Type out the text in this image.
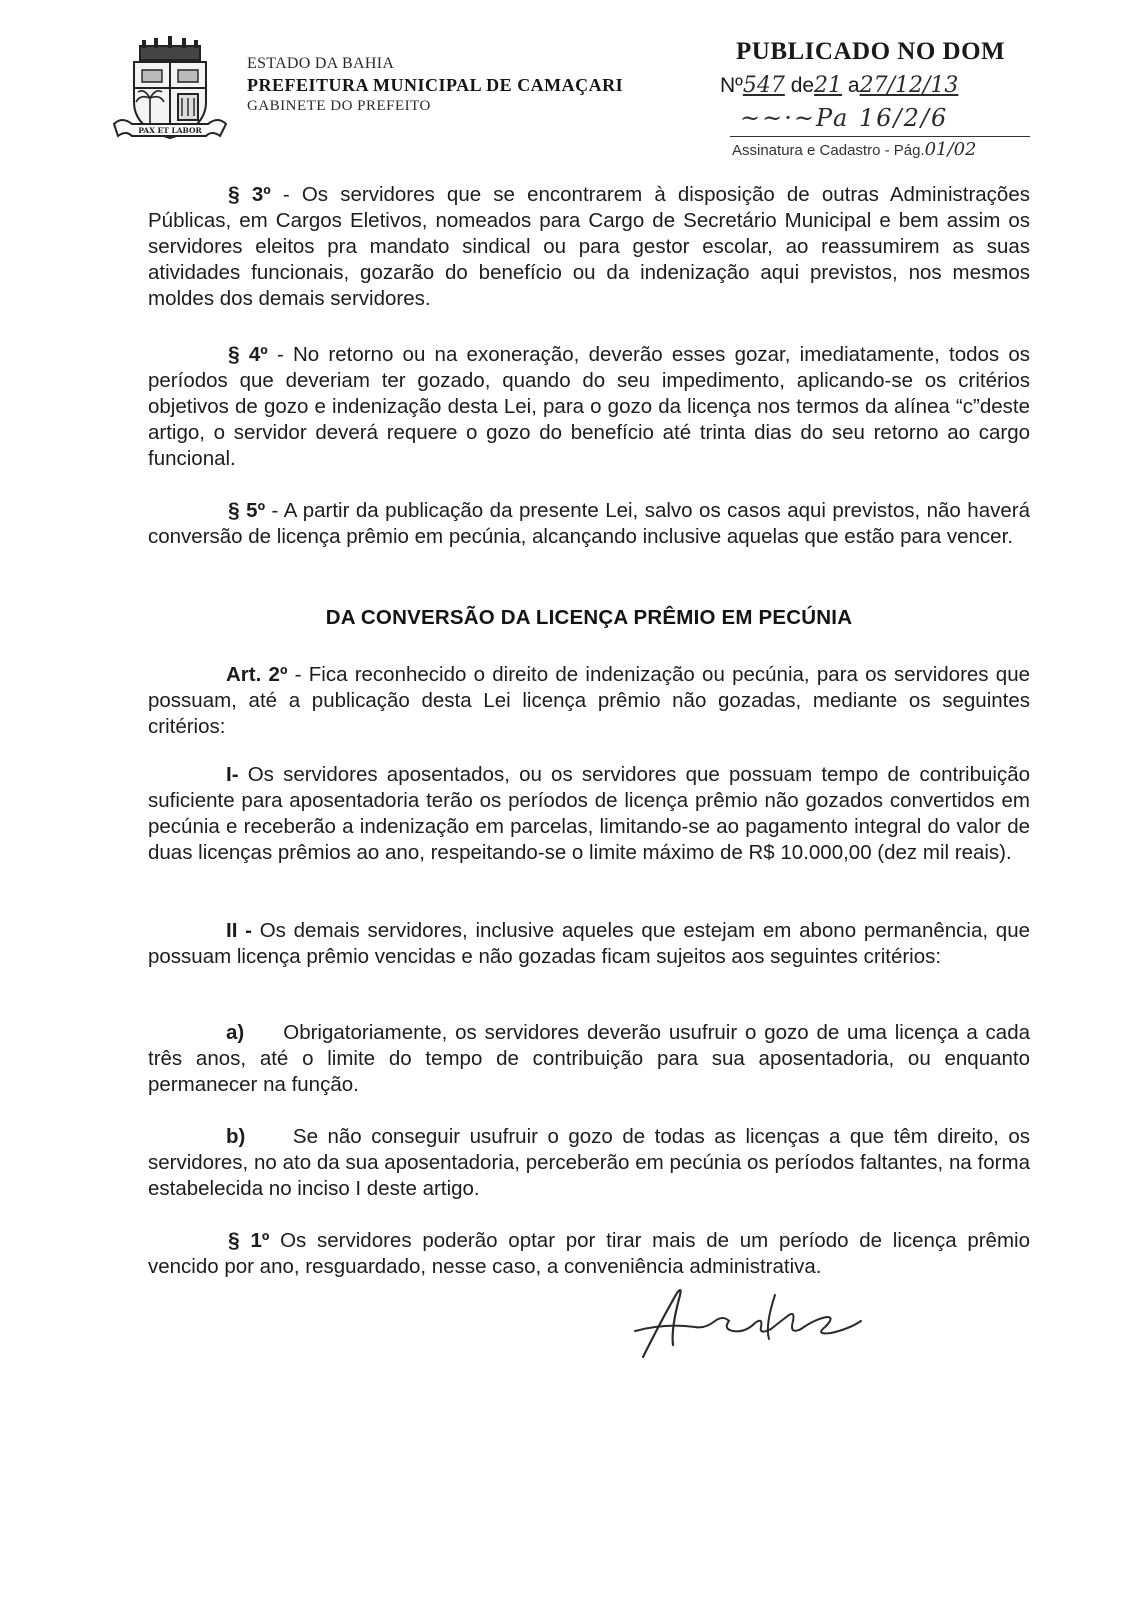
PAX ET LABOR
ESTADO DA BAHIA
PREFEITURA MUNICIPAL DE CAMAÇARI
GABINETE DO PREFEITO
PUBLICADO NO DOM
Nº547 de21 a27/12/13
~~·~Pa 16/2/6
Assinatura e Cadastro - Pág.01/02

§ 3º - Os servidores que se encontrarem à disposição de outras Administrações Públicas, em Cargos Eletivos, nomeados para Cargo de Secretário Municipal e bem assim os servidores eleitos pra mandato sindical ou para gestor escolar, ao reassumirem as suas atividades funcionais, gozarão do benefício ou da indenização aqui previstos, nos mesmos moldes dos demais servidores.

§ 4º - No retorno ou na exoneração, deverão esses gozar, imediatamente, todos os períodos que deveriam ter gozado, quando do seu impedimento, aplicando-se os critérios objetivos de gozo e indenização desta Lei, para o gozo da licença nos termos da alínea “c”deste artigo, o servidor deverá requere o gozo do benefício até trinta dias do seu retorno ao cargo funcional.

§ 5º - A partir da publicação da presente Lei, salvo os casos aqui previstos, não haverá conversão de licença prêmio em pecúnia, alcançando inclusive aquelas que estão para vencer.

DA CONVERSÃO DA LICENÇA PRÊMIO EM PECÚNIA

Art. 2º - Fica reconhecido o direito de indenização ou pecúnia, para os servidores que possuam, até a publicação desta Lei licença prêmio não gozadas, mediante os seguintes critérios:

I- Os servidores aposentados, ou os servidores que possuam tempo de contribuição suficiente para aposentadoria terão os períodos de licença prêmio não gozados convertidos em pecúnia e receberão a indenização em parcelas, limitando-se ao pagamento integral do valor de duas licenças prêmios ao ano, respeitando-se o limite máximo de R$ 10.000,00 (dez mil reais).

II - Os demais servidores, inclusive aqueles que estejam em abono permanência, que possuam licença prêmio vencidas e não gozadas ficam sujeitos aos seguintes critérios:

a) Obrigatoriamente, os servidores deverão usufruir o gozo de uma licença a cada três anos, até o limite do tempo de contribuição para sua aposentadoria, ou enquanto permanecer na função.

b) Se não conseguir usufruir o gozo de todas as licenças a que têm direito, os servidores, no ato da sua aposentadoria, perceberão em pecúnia os períodos faltantes, na forma estabelecida no inciso I deste artigo.

§ 1º Os servidores poderão optar por tirar mais de um período de licença prêmio vencido por ano, resguardado, nesse caso, a conveniência administrativa.
